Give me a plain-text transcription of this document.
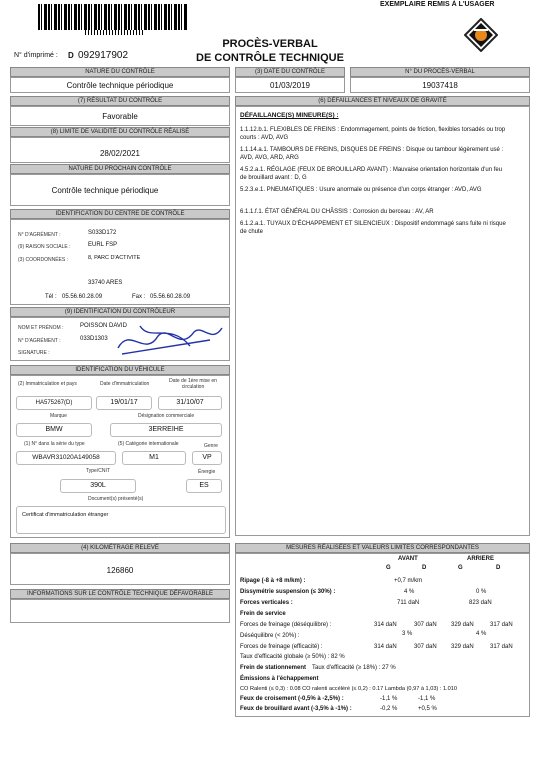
EXEMPLAIRE REMIS À L'USAGER
N° d'imprimé : D 092917902
PROCÈS-VERBAL
DE CONTRÔLE TECHNIQUE
NATURE DU CONTRÔLE
Contrôle technique périodique
(3) DATE DU CONTRÔLE
01/03/2019
N° DU PROCÈS-VERBAL
19037418
(7) RÉSULTAT DU CONTRÔLE
Favorable
(8) LIMITE DE VALIDITÉ DU CONTRÔLE RÉALISÉ
28/02/2021
NATURE DU PROCHAIN CONTRÔLE
Contrôle technique périodique
IDENTIFICATION DU CENTRE DE CONTRÔLE
N° D'AGRÉMENT :	S033D172
(9) RAISON SOCIALE :	EURL FSP
(3) COORDONNÉES :	8, PARC D'ACTIVITE
33740 ARES
Tél : 05.56.60.28.09	Fax : 05.56.60.28.09
(9) IDENTIFICATION DU CONTRÔLEUR
NOM ET PRÉNOM :	POISSON DAVID
N° D'AGRÉMENT :	033D1303
SIGNATURE :
IDENTIFICATION DU VÉHICULE
(2) Immatriculation et pays	Date d'immatriculation	Date de 1ère mise en circulation
HA575267(D)	19/01/17	31/10/07
Marque	Désignation commerciale
BMW	3ERREIHE
(1) N° dans la série du type	(5) Catégorie internationale	Genre
WBAVR31020A149058	M1	VP
Type/CNIT	Énergie
390L	ES
Document(s) présenté(s)
Certificat d'immatriculation étranger
(4) KILOMÉTRAGE RELEVÉ
126860
INFORMATIONS SUR LE CONTRÔLE TECHNIQUE DÉFAVORABLE
(6) DÉFAILLANCES ET NIVEAUX DE GRAVITÉ
DÉFAILLANCE(S) MINEURE(S) :
1.1.12.b.1. FLEXIBLES DE FREINS : Endommagement, points de friction, flexibles torsadés ou trop courts : AVD, AVG
1.1.14.a.1. TAMBOURS DE FREINS, DISQUES DE FREINS : Disque ou tambour légèrement usé : AVD, AVG, ARD, ARG
4.5.2.a.1. RÉGLAGE (FEUX DE BROUILLARD AVANT) : Mauvaise orientation horizontale d'un feu de brouillard avant : D, G
5.2.3.e.1. PNEUMATIQUES : Usure anormale ou présence d'un corps étranger : AVD, AVG
6.1.1.f.1. ÉTAT GÉNÉRAL DU CHÂSSIS : Corrosion du berceau : AV, AR
6.1.2.a.1. TUYAUX D'ÉCHAPPEMENT ET SILENCIEUX : Dispositif endommagé sans fuite ni risque de chute
MESURES RÉALISÉES ET VALEURS LIMITES CORRESPONDANTES
AVANT	ARRIERE
G	D	G	D
Ripage (-8 à +8 m/km) :	+0,7 m/km
Dissymétrie suspension (≤ 30%) :	4 %	0 %
Forces verticales :	711 daN	823 daN
Frein de service
Forces de freinage (déséquilibre) :	314 daN	307 daN 329 daN	317 daN
Déséquilibre (< 20%) :	3 %	4 %
Forces de freinage (efficacité) :	314 daN	307 daN 329 daN	317 daN
Taux d'efficacité globale (≥ 50%) : 82 %
Frein de stationnement Taux d'efficacité (≥ 18%) : 27 %
Émissions à l'échappement
CO Ralenti (≤ 0,3) : 0.08 CO ralenti accéléré (≤ 0,2) : 0.17 Lambda (0,97 à 1,03) : 1.010
Feux de croisement (-0,5% à -2,5%) :	-1,1 %	-1,1 %
Feux de brouillard avant (-3,5% à -1%) :	-0,2 %	+0,5 %
